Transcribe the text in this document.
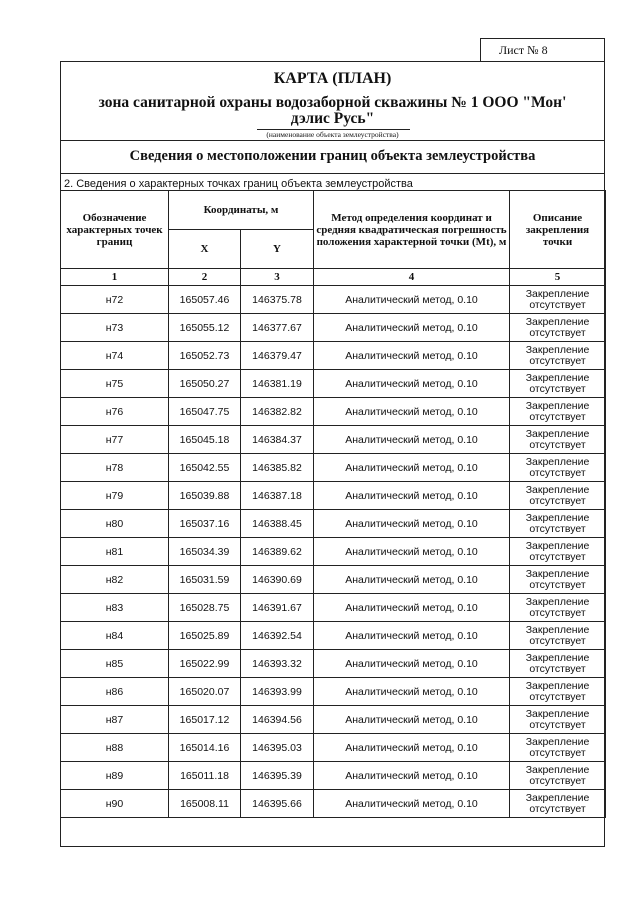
Лист № 8
КАРТА (ПЛАН)
зона санитарной охраны водозаборной скважины № 1 ООО "Мон' дэлис Русь"
(наименование объекта землеустройства)
Сведения о местоположении границ объекта землеустройства
2. Сведения о характерных точках границ объекта землеустройства
Обозначение характерных точек границ	Координаты, м		Метод определения координат и средняя квадратическая погрешность положения характерной точки (Mt), м	Описание закрепления точки
	X	Y		
1	2	3	4	5
н72	165057.46	146375.78	Аналитический метод, 0.10	Закрепление отсутствует
н73	165055.12	146377.67	Аналитический метод, 0.10	Закрепление отсутствует
н74	165052.73	146379.47	Аналитический метод, 0.10	Закрепление отсутствует
н75	165050.27	146381.19	Аналитический метод, 0.10	Закрепление отсутствует
н76	165047.75	146382.82	Аналитический метод, 0.10	Закрепление отсутствует
н77	165045.18	146384.37	Аналитический метод, 0.10	Закрепление отсутствует
н78	165042.55	146385.82	Аналитический метод, 0.10	Закрепление отсутствует
н79	165039.88	146387.18	Аналитический метод, 0.10	Закрепление отсутствует
н80	165037.16	146388.45	Аналитический метод, 0.10	Закрепление отсутствует
н81	165034.39	146389.62	Аналитический метод, 0.10	Закрепление отсутствует
н82	165031.59	146390.69	Аналитический метод, 0.10	Закрепление отсутствует
н83	165028.75	146391.67	Аналитический метод, 0.10	Закрепление отсутствует
н84	165025.89	146392.54	Аналитический метод, 0.10	Закрепление отсутствует
н85	165022.99	146393.32	Аналитический метод, 0.10	Закрепление отсутствует
н86	165020.07	146393.99	Аналитический метод, 0.10	Закрепление отсутствует
н87	165017.12	146394.56	Аналитический метод, 0.10	Закрепление отсутствует
н88	165014.16	146395.03	Аналитический метод, 0.10	Закрепление отсутствует
н89	165011.18	146395.39	Аналитический метод, 0.10	Закрепление отсутствует
н90	165008.11	146395.66	Аналитический метод, 0.10	Закрепление отсутствует
